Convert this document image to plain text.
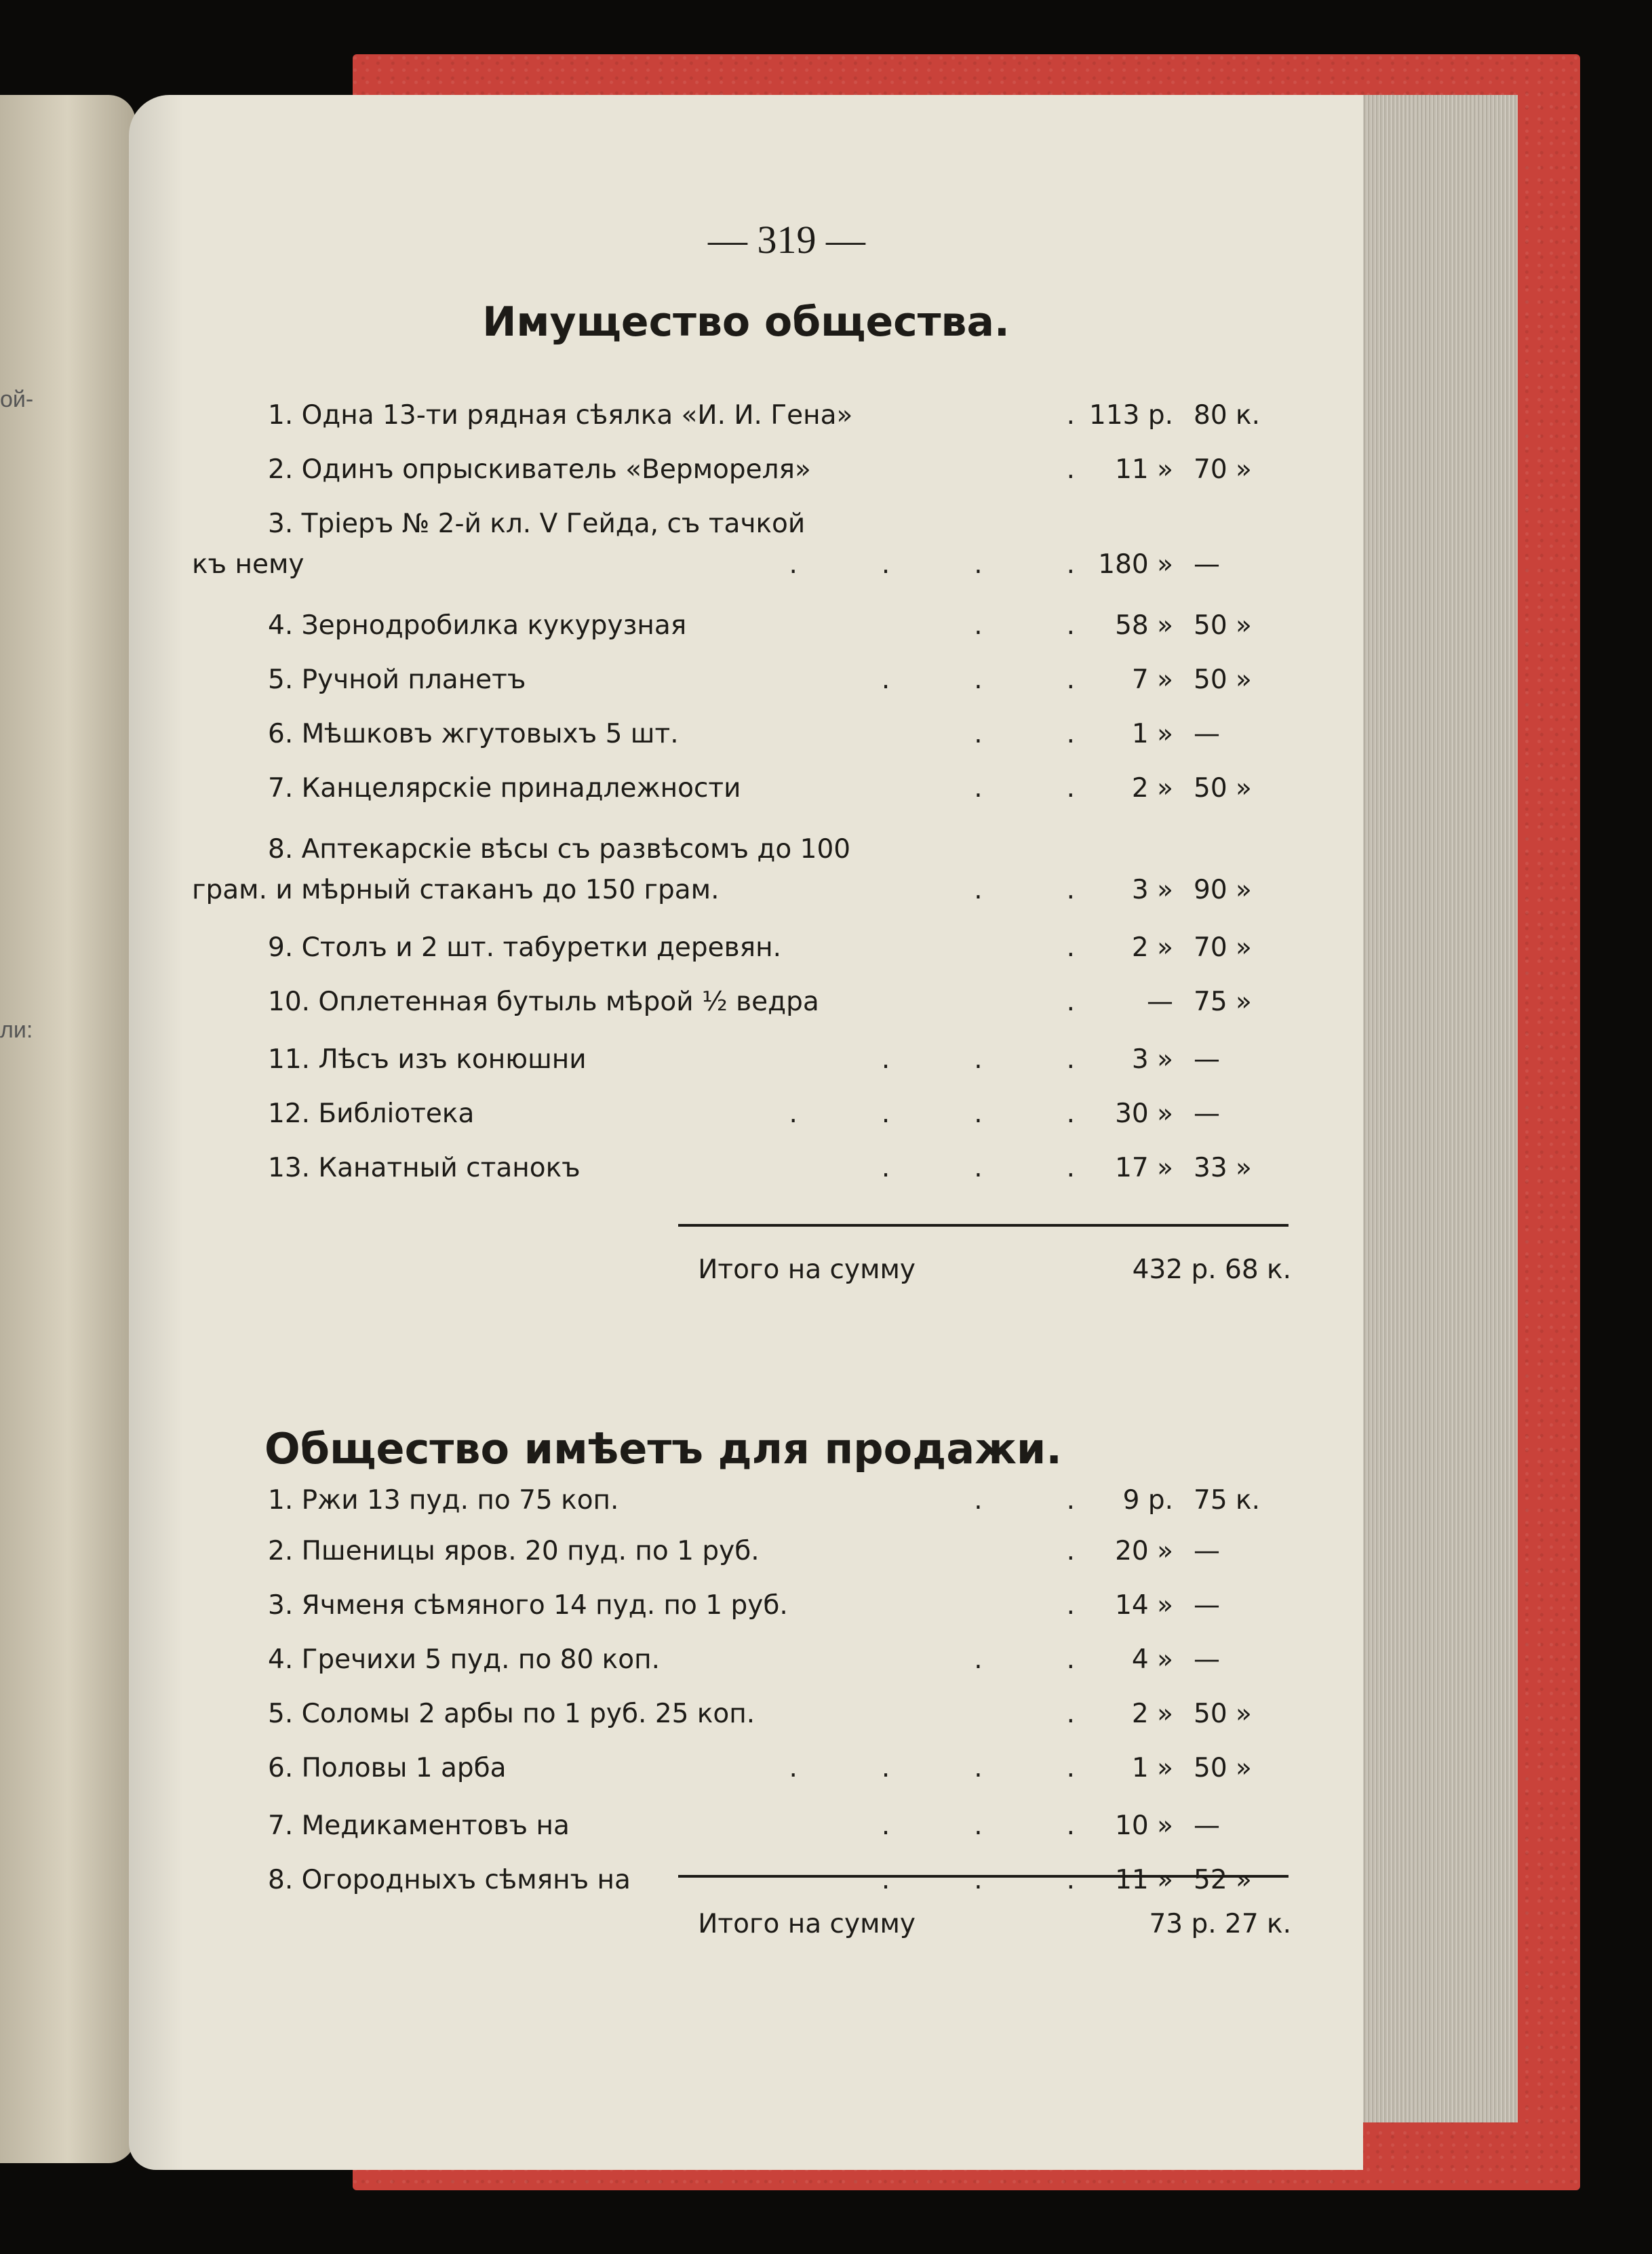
ой-
ли:
— 319 —
Имущество общества.
1. Одна 13-ти рядная сѣялка «И. И. Гена»	. 113 р. 80 к.
2. Одинъ опрыскиватель «Вермореля»	. 11 » 70 »
3. Тріеръ № 2-й кл. V Гейда, съ тачкой
къ нему	.          .          .          . 180 » —
4. Зернодробилка кукурузная	.          . 58 » 50 »
5. Ручной планетъ	.          .          . 7 » 50 »
6. Мѣшковъ жгутовыхъ 5 шт.	.          . 1 » —
7. Канцелярскіе принадлежности	.          . 2 » 50 »
8. Аптекарскіе вѣсы съ развѣсомъ до 100
грам. и мѣрный стаканъ до 150 грам.	.          . 3 » 90 »
9. Столъ и 2 шт. табуретки деревян.	. 2 » 70 »
10. Оплетенная бутыль мѣрой ½ ведра	.	— 75 »
11. Лѣсъ изъ конюшни	.          .          . 3 » —
12. Библіотека	.          .          .          . 30 » —
13. Канатный станокъ	.          .          . 17 » 33 »
Итого на сумму	432 р. 68 к.
Общество имѣетъ для продажи.
1. Ржи 13 пуд. по 75 коп.	.          . 9 р. 75 к.
2. Пшеницы яров. 20 пуд. по 1 руб.	. 20 » —
3. Ячменя сѣмяного 14 пуд. по 1 руб.	. 14 » —
4. Гречихи 5 пуд. по 80 коп.	.          . 4 » —
5. Соломы 2 арбы по 1 руб. 25 коп.	. 2 » 50 »
6. Половы 1 арба	.          .          .          . 1 » 50 »
7. Медикаментовъ на	.          .          . 10 » —
8. Огородныхъ сѣмянъ на	.          .          . 11 » 52 »
Итого на сумму	73 р. 27 к.
